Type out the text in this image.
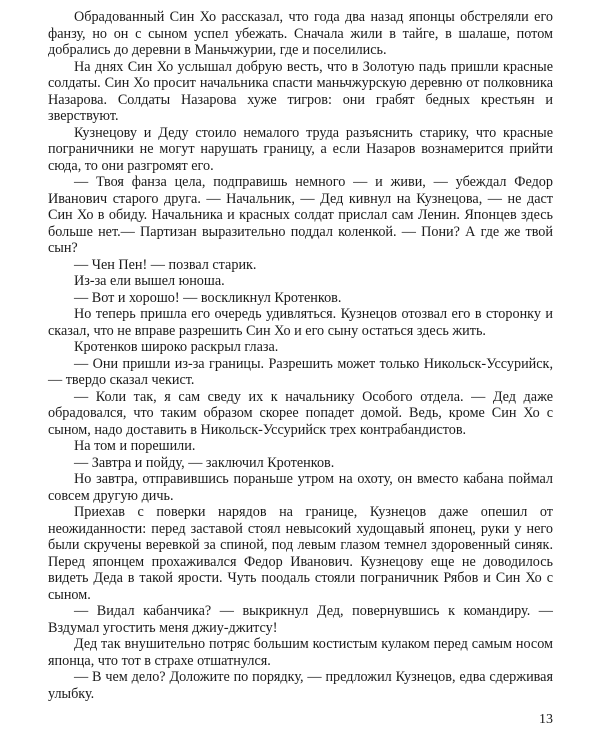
Обрадованный Син Хо рассказал, что года два назад японцы обстреляли его фанзу, но он с сыном успел убежать. Сначала жили в тайге, в шалаше, потом добрались до деревни в Маньчжурии, где и поселились.

На днях Син Хо услышал добрую весть, что в Золотую падь пришли красные солдаты. Син Хо просит начальника спасти маньчжурскую деревню от полковника Назарова. Солдаты Назарова хуже тигров: они грабят бедных крестьян и зверствуют.

Кузнецову и Деду стоило немалого труда разъяснить старику, что красные пограничники не могут нарушать границу, а если Назаров вознамерится прийти сюда, то они разгромят его.

— Твоя фанза цела, подправишь немного — и живи, — убеждал Федор Иванович старого друга. — Начальник, — Дед кивнул на Кузнецова, — не даст Син Хо в обиду. Начальника и красных солдат прислал сам Ленин. Японцев здесь больше нет.— Партизан выразительно поддал коленкой. — Пони? А где же твой сын?

— Чен Пен! — позвал старик.

Из-за ели вышел юноша.

— Вот и хорошо! — воскликнул Кротенков.

Но теперь пришла его очередь удивляться. Кузнецов отозвал его в сторонку и сказал, что не вправе разрешить Син Хо и его сыну остаться здесь жить.

Кротенков широко раскрыл глаза.

— Они пришли из-за границы. Разрешить может только Никольск-Уссурийск, — твердо сказал чекист.

— Коли так, я сам сведу их к начальнику Особого отдела. — Дед даже обрадовался, что таким образом скорее попадет домой. Ведь, кроме Син Хо с сыном, надо доставить в Никольск-Уссурийск трех контрабандистов.

На том и порешили.

— Завтра и пойду, — заключил Кротенков.

Но завтра, отправившись пораньше утром на охоту, он вместо кабана поймал совсем другую дичь.

Приехав с поверки нарядов на границе, Кузнецов даже опешил от неожиданности: перед заставой стоял невысокий худощавый японец, руки у него были скручены веревкой за спиной, под левым глазом темнел здоровенный синяк. Перед японцем прохаживался Федор Иванович. Кузнецову еще не доводилось видеть Деда в такой ярости. Чуть поодаль стояли пограничник Рябов и Син Хо с сыном.

— Видал кабанчика? — выкрикнул Дед, повернувшись к командиру. — Вздумал угостить меня джиу-джитсу!

Дед так внушительно потряс большим костистым кулаком перед самым носом японца, что тот в страхе отшатнулся.

— В чем дело? Доложите по порядку, — предложил Кузнецов, едва сдерживая улыбку.

13
